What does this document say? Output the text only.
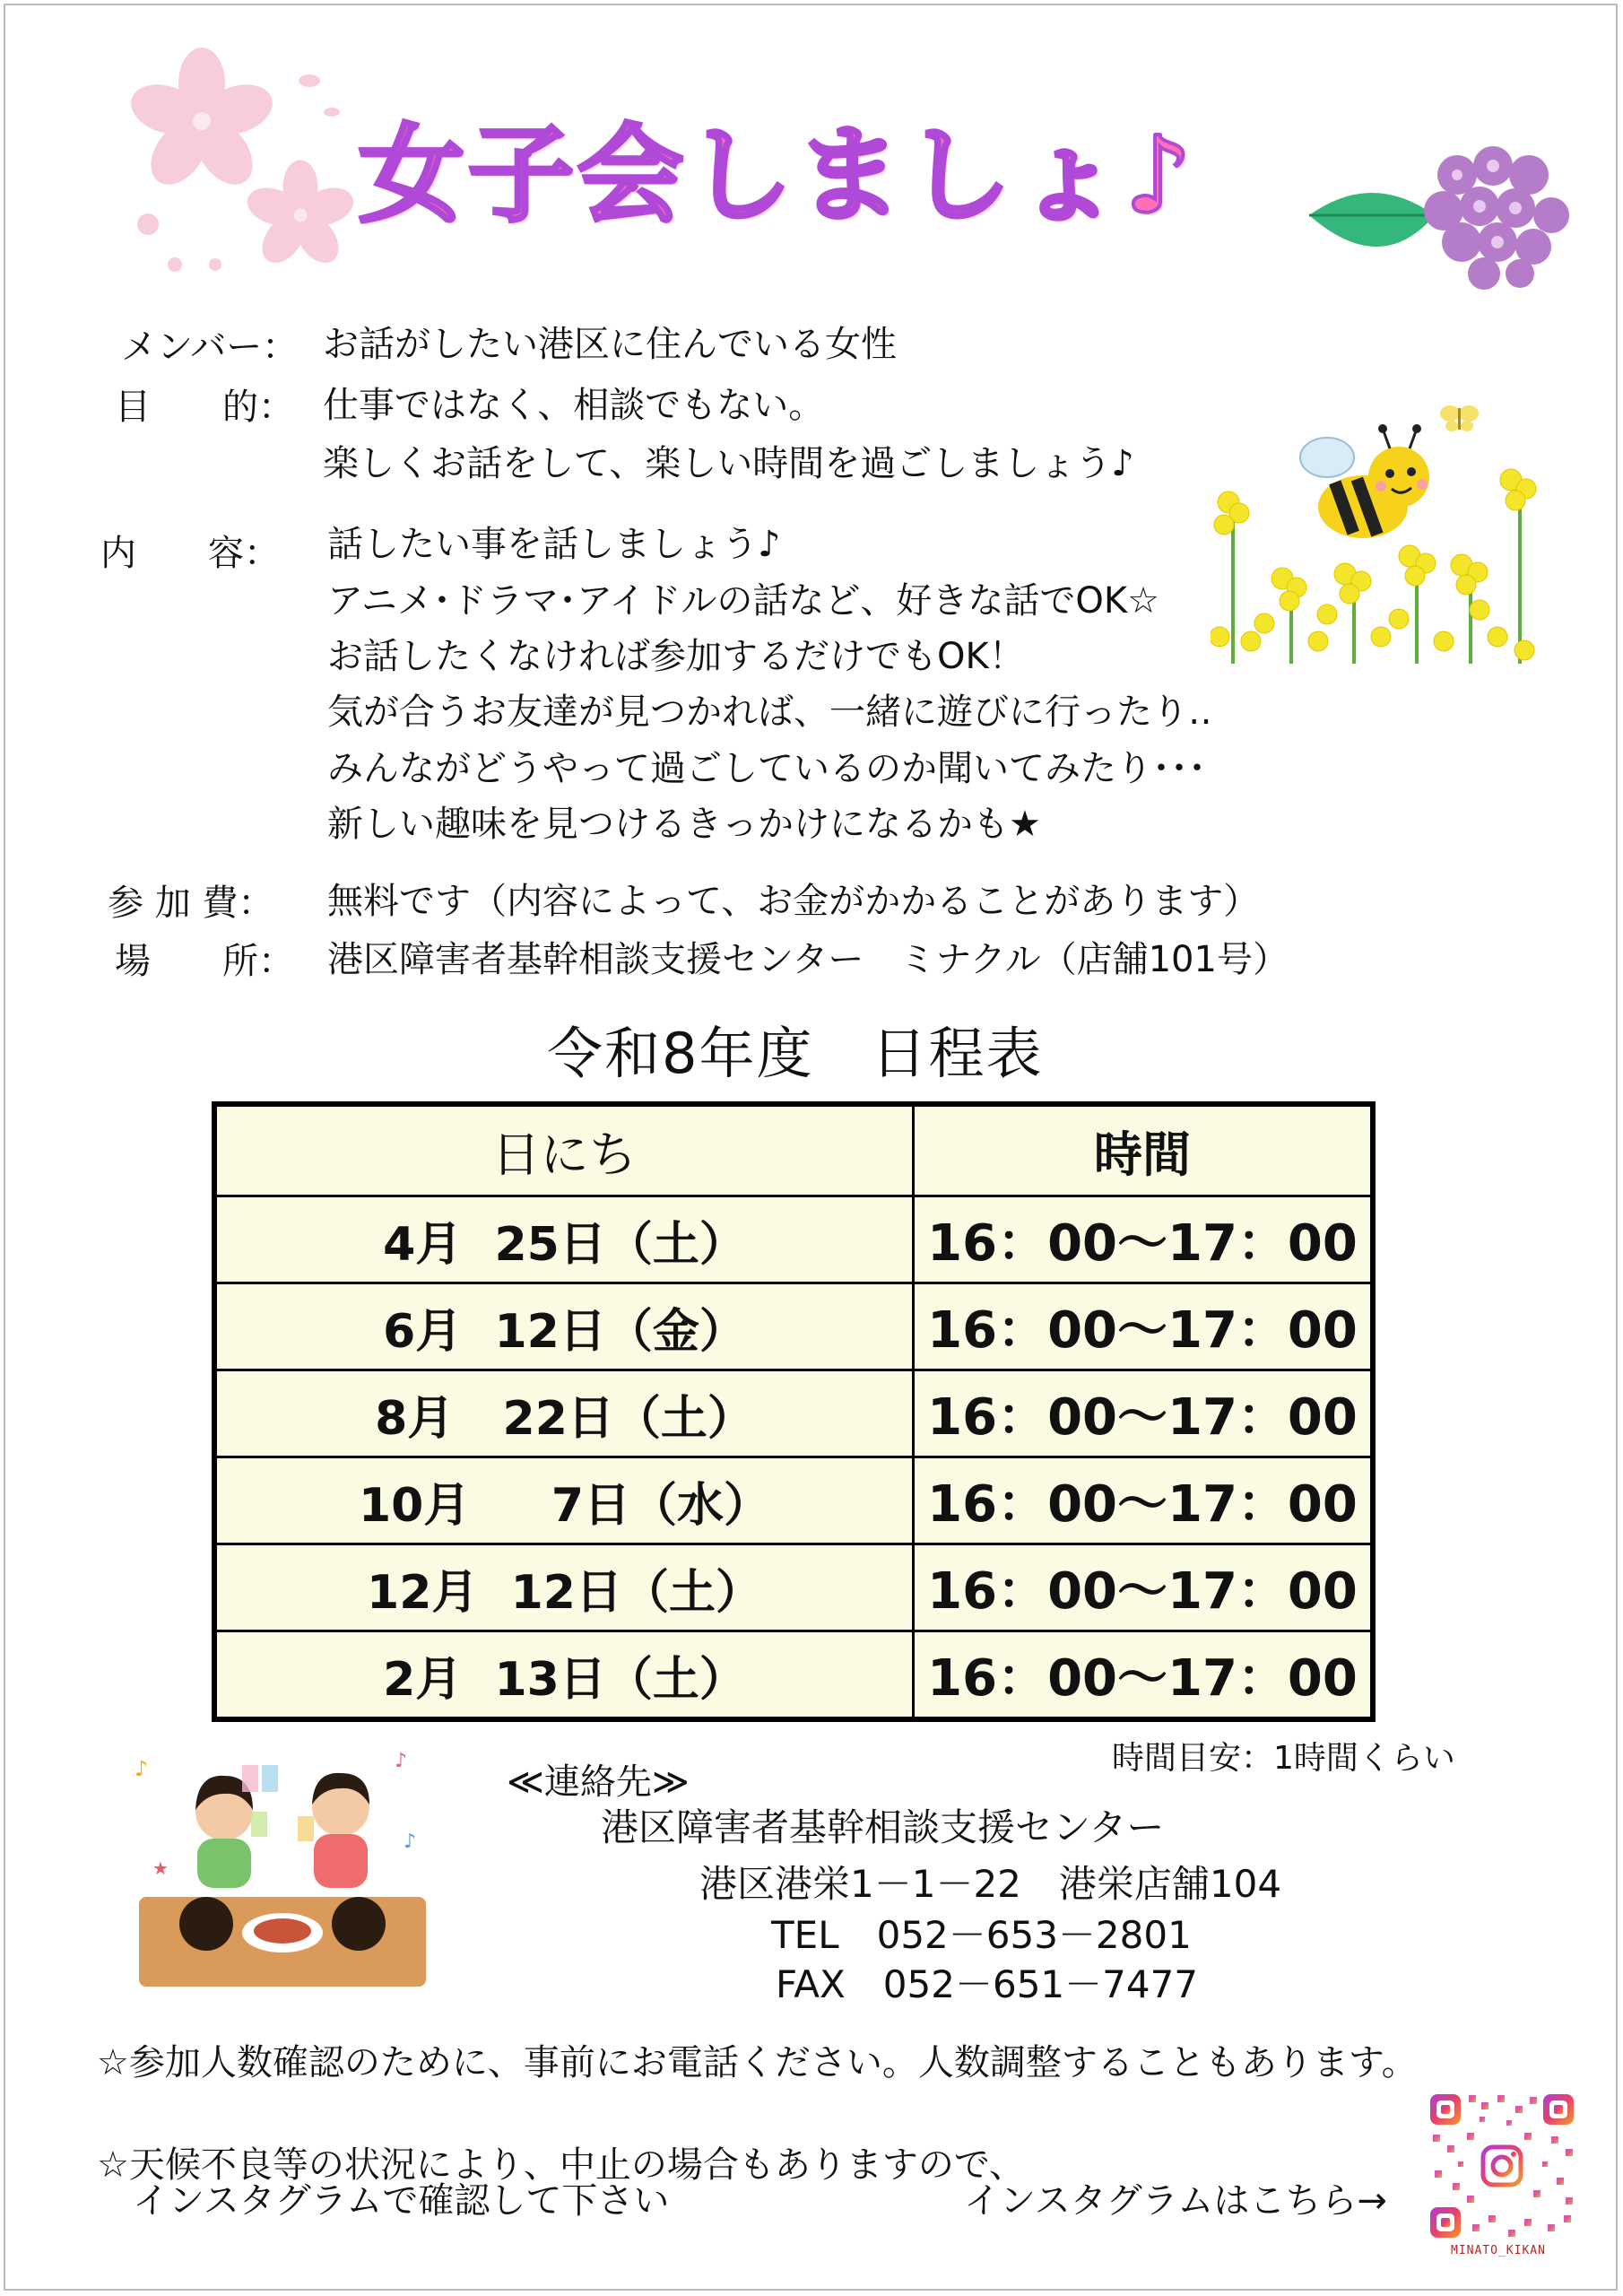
女子会しましょ♪
メンバー： お話がしたい港区に住んでいる女性
目　　的： 仕事ではなく、相談でもない。
楽しくお話をして、楽しい時間を過ごしましょう♪
内　　容： 話したい事を話しましょう♪
アニメ･ドラマ･アイドルの話など、好きな話でOK☆
お話したくなければ参加するだけでもOK！
気が合うお友達が見つかれば、一緒に遊びに行ったり‥
みんながどうやって過ごしているのか聞いてみたり･･･
新しい趣味を見つけるきっかけになるかも★
参 加 費： 無料です（内容によって、お金がかかることがあります）
場　　所： 港区障害者基幹相談支援センター　ミナクル（店舗101号）
令和8年度　日程表
日にち	時間
4月  25日（土）	16：00～17：00
6月  12日（金）	16：00～17：00
8月   22日（土）	16：00～17：00
10月     7日（水）	16：00～17：00
12月  12日（土）	16：00～17：00
2月  13日（土）	16：00～17：00
時間目安：1時間くらい
♪	♪
♪
★
≪連絡先≫
港区障害者基幹相談支援センター
港区港栄1－1－22　港栄店舗104
TEL　052－653－2801
FAX　052－651－7477
☆参加人数確認のために、事前にお電話ください。人数調整することもあります。
☆天候不良等の状況により、中止の場合もありますので、
　インスタグラムで確認して下さい	インスタグラムはこちら→
MINATO_KIKAN
